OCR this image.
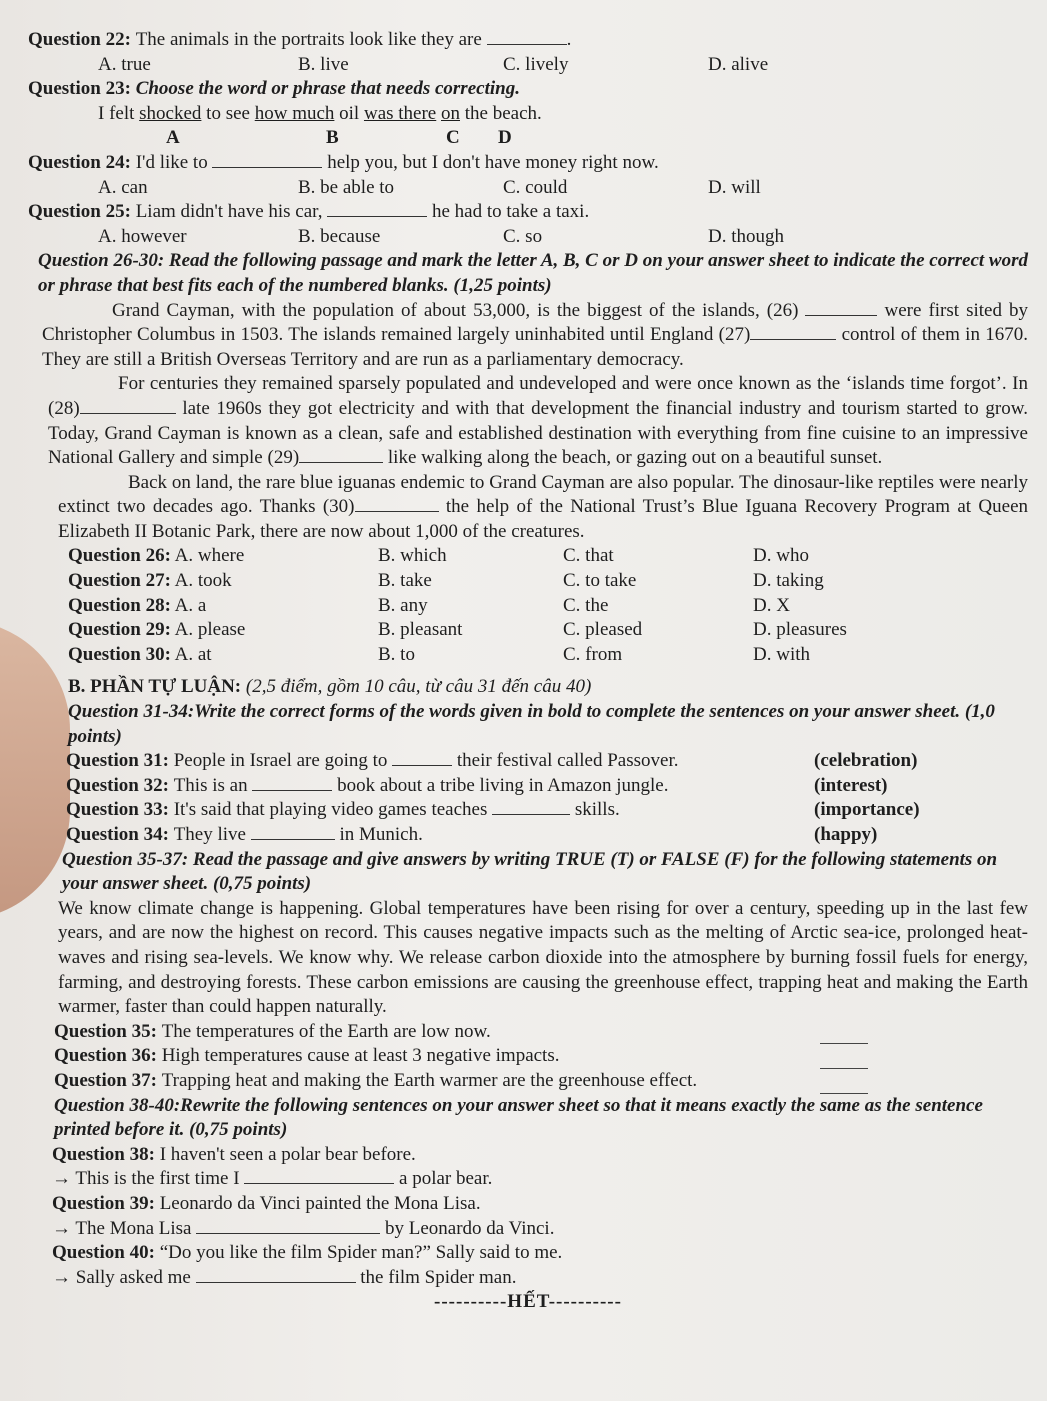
Question 22:
The animals in the portraits look like they are
	.
A. true	B. live	C. lively	D. alive
Question 23:
Choose the word or phrase that needs correcting.
I felt
shocked
to see
how much
oil
was there
on
the beach.
A	B	C	D
Question 24:
I'd like to

	help you, but I don't have money right now.
A. can	B. be able to	C. could	D. will
Question 25:
Liam didn't have his car,

	he had to take a taxi.
A. however	B. because	C. so	D. though
Question 26-30: Read the following passage and mark the letter A, B, C or D on your answer sheet to indicate the correct word or phrase that best fits each of the numbered blanks. (1,25 points)
Grand Cayman, with the population of about 53,000, is the biggest of the islands, (26)	were first sited by Christopher Columbus in 1503. The islands remained largely uninhabited until England (27)	control of them in 1670. They are still a British Overseas Territory and are run as a parliamentary democracy.
For centuries they remained sparsely populated and undeveloped and were once known as the ‘islands time forgot’. In (28)	late 1960s they got electricity and with that development the financial industry and tourism started to grow. Today, Grand Cayman is known as a clean, safe and established destination with everything from fine cuisine to an impressive National Gallery and simple (29)	like walking along the beach, or gazing out on a beautiful sunset.
Back on land, the rare blue iguanas endemic to Grand Cayman are also popular. The dinosaur-like reptiles were nearly extinct two decades ago. Thanks (30)	the help of the National Trust’s Blue Iguana Recovery Program at Queen Elizabeth II Botanic Park, there are now about 1,000 of the creatures.
Question 26: A. where	B. which	C. that	D. who
Question 27: A. took	B. take	C. to take	D. taking
Question 28: A. a	B. any	C. the	D. X
Question 29: A. please	B. pleasant	C. pleased	D. pleasures
Question 30: A. at	B. to	C. from	D. with
B. PHẦN TỰ LUẬN: (2,5 điểm, gồm 10 câu, từ câu 31 đến câu 40)
Question 31-34:Write the correct forms of the words given in bold to complete the sentences on your answer sheet. (1,0 points)
Question 31:
People in Israel are going to

	their festival called Passover.	(celebration)
Question 32:
This is an

	book about a tribe living in Amazon jungle.	(interest)
Question 33:
It's said that playing video games teaches

	skills.	(importance)
Question 34:
They live

	in Munich.	(happy)
Question 35-37: Read the passage and give answers by writing TRUE (T) or FALSE (F) for the following statements on your answer sheet. (0,75 points)
We know climate change is happening. Global temperatures have been rising for over a century, speeding up in the last few years, and are now the highest on record. This causes negative impacts such as the melting of Arctic sea-ice, prolonged heat-waves and rising sea-levels. We know why. We release carbon dioxide into the atmosphere by burning fossil fuels for energy, farming, and destroying forests. These carbon emissions are causing the greenhouse effect, trapping heat and making the Earth warmer, faster than could happen naturally.
Question 35:
The temperatures of the Earth are low now.
Question 36:
High temperatures cause at least 3 negative impacts.
Question 37:
Trapping heat and making the Earth warmer are the greenhouse effect.
Question 38-40:Rewrite the following sentences on your answer sheet so that it means exactly the same as the sentence printed before it. (0,75 points)
Question 38:
I haven't seen a polar bear before.
→ This is the first time I

	a polar bear.
Question 39:
Leonardo da Vinci painted the Mona Lisa.
→ The Mona Lisa

	by Leonardo da Vinci.
Question 40:
“Do you like the film Spider man?” Sally said to me.
→ Sally asked me

	the film Spider man.
----------HẾT----------
